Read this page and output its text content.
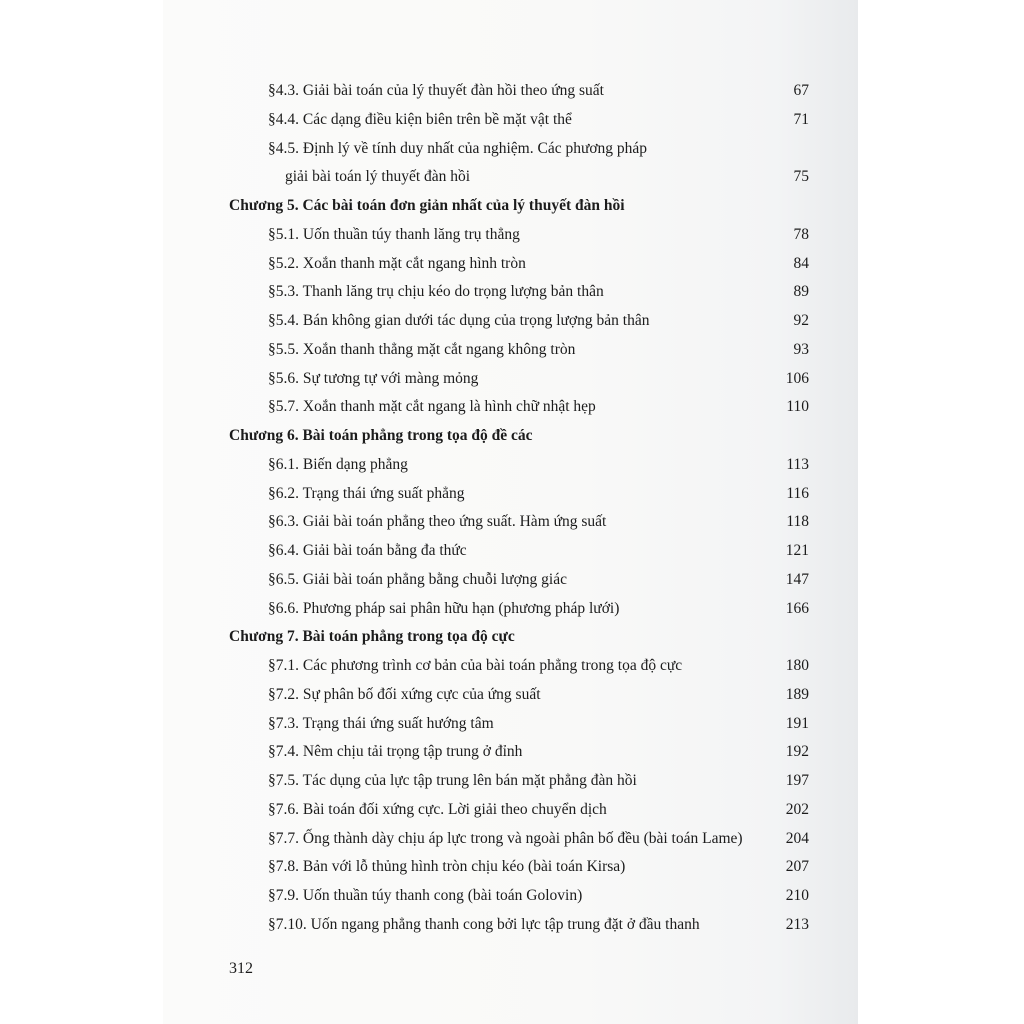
§4.3. Giải bài toán của lý thuyết đàn hồi theo ứng suất	67
§4.4. Các dạng điều kiện biên trên bề mặt vật thể	71
§4.5. Định lý về tính duy nhất của nghiệm. Các phương pháp
giải bài toán lý thuyết đàn hồi	75
Chương 5. Các bài toán đơn giản nhất của lý thuyết đàn hồi
§5.1. Uốn thuần túy thanh lăng trụ thẳng	78
§5.2. Xoắn thanh mặt cắt ngang hình tròn	84
§5.3. Thanh lăng trụ chịu kéo do trọng lượng bản thân	89
§5.4. Bán không gian dưới tác dụng của trọng lượng bản thân	92
§5.5. Xoắn thanh thẳng mặt cắt ngang không tròn	93
§5.6. Sự tương tự với màng mỏng	106
§5.7. Xoắn thanh mặt cắt ngang là hình chữ nhật hẹp	110
Chương 6. Bài toán phẳng trong tọa độ đề các
§6.1. Biến dạng phẳng	113
§6.2. Trạng thái ứng suất phẳng	116
§6.3. Giải bài toán phẳng theo ứng suất. Hàm ứng suất	118
§6.4. Giải bài toán bằng đa thức	121
§6.5. Giải bài toán phẳng bằng chuỗi lượng giác	147
§6.6. Phương pháp sai phân hữu hạn (phương pháp lưới)	166
Chương 7. Bài toán phẳng trong tọa độ cực
§7.1. Các phương trình cơ bản của bài toán phẳng trong tọa độ cực	180
§7.2. Sự phân bố đối xứng cực của ứng suất	189
§7.3. Trạng thái ứng suất hướng tâm	191
§7.4. Nêm chịu tải trọng tập trung ở đỉnh	192
§7.5. Tác dụng của lực tập trung lên bán mặt phẳng đàn hồi	197
§7.6. Bài toán đối xứng cực. Lời giải theo chuyển dịch	202
§7.7. Ống thành dày chịu áp lực trong và ngoài phân bố đều (bài toán Lame)	204
§7.8. Bản với lỗ thủng hình tròn chịu kéo (bài toán Kirsa)	207
§7.9. Uốn thuần túy thanh cong (bài toán Golovin)	210
§7.10. Uốn ngang phẳng thanh cong bởi lực tập trung đặt ở đầu thanh	213
312
